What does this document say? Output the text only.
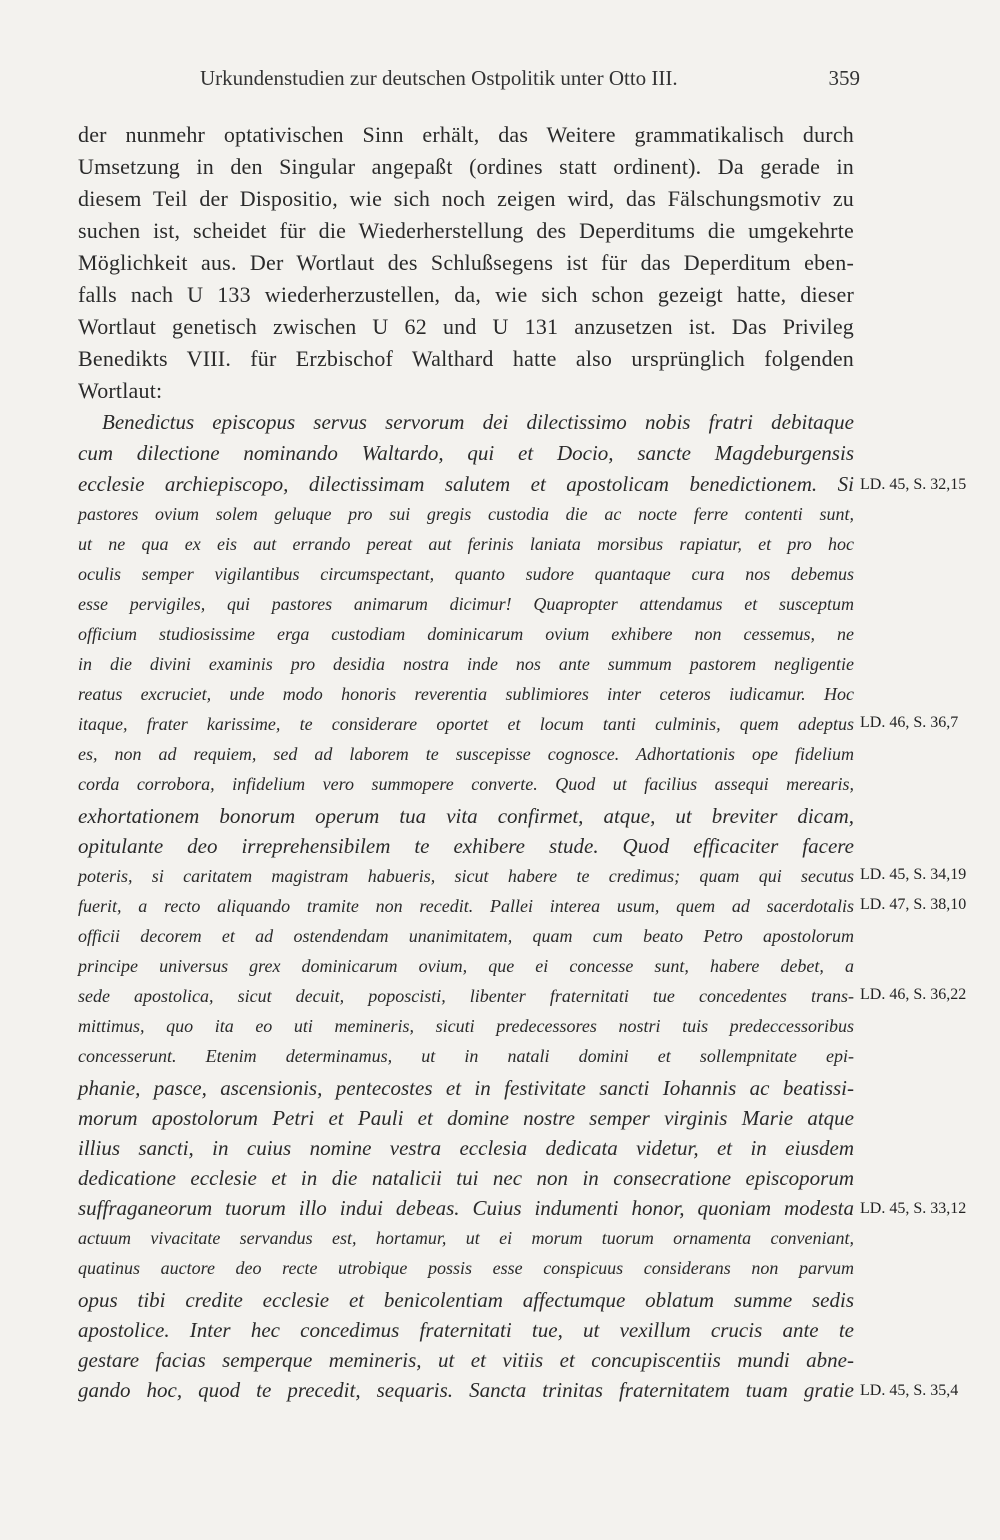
Urkundenstudien zur deutschen Ostpolitik unter Otto III.	359
der nunmehr optativischen Sinn erhält, das Weitere grammatikalisch durch
Umsetzung in den Singular angepaßt (ordines statt ordinent). Da gerade in
diesem Teil der Dispositio, wie sich noch zeigen wird, das Fälschungsmotiv zu
suchen ist, scheidet für die Wiederherstellung des Deperditums die umgekehrte
Möglichkeit aus. Der Wortlaut des Schlußsegens ist für das Deperditum eben-
falls nach U 133 wiederherzustellen, da, wie sich schon gezeigt hatte, dieser
Wortlaut genetisch zwischen U 62 und U 131 anzusetzen ist. Das Privileg
Benedikts VIII. für Erzbischof Walthard hatte also ursprünglich folgenden
Wortlaut:
Benedictus episcopus servus servorum dei dilectissimo nobis fratri debitaque
cum dilectione nominando Waltardo, qui et Docio, sancte Magdeburgensis
ecclesie archiepiscopo, dilectissimam salutem et apostolicam benedictionem. Si
pastores ovium solem geluque pro sui gregis custodia die ac nocte ferre contenti sunt,
ut ne qua ex eis aut errando pereat aut ferinis laniata morsibus rapiatur, et pro hoc
oculis semper vigilantibus circumspectant, quanto sudore quantaque cura nos debemus
esse pervigiles, qui pastores animarum dicimur! Quapropter attendamus et susceptum
officium studiosissime erga custodiam dominicarum ovium exhibere non cessemus, ne
in die divini examinis pro desidia nostra inde nos ante summum pastorem negligentie
reatus excruciet, unde modo honoris reverentia sublimiores inter ceteros iudicamur. Hoc
itaque, frater karissime, te considerare oportet et locum tanti culminis, quem adeptus
es, non ad requiem, sed ad laborem te suscepisse cognosce. Adhortationis ope fidelium
corda corrobora, infidelium vero summopere converte. Quod ut facilius assequi merearis,
exhortationem bonorum operum tua vita confirmet, atque, ut breviter dicam,
opitulante deo irreprehensibilem te exhibere stude. Quod efficaciter facere
poteris, si caritatem magistram habueris, sicut habere te credimus; quam qui secutus
fuerit, a recto aliquando tramite non recedit. Pallei interea usum, quem ad sacerdotalis
officii decorem et ad ostendendam unanimitatem, quam cum beato Petro apostolorum
principe universus grex dominicarum ovium, que ei concesse sunt, habere debet, a
sede apostolica, sicut decuit, poposcisti, libenter fraternitati tue concedentes trans-
mittimus, quo ita eo uti memineris, sicuti predecessores nostri tuis predeccessoribus
concesserunt. Etenim determinamus, ut in natali domini et sollempnitate epi-
phanie, pasce, ascensionis, pentecostes et in festivitate sancti Iohannis ac beatissi-
morum apostolorum Petri et Pauli et domine nostre semper virginis Marie atque
illius sancti, in cuius nomine vestra ecclesia dedicata videtur, et in eiusdem
dedicatione ecclesie et in die natalicii tui nec non in consecratione episcoporum
suffraganeorum tuorum illo indui debeas. Cuius indumenti honor, quoniam modesta
actuum vivacitate servandus est, hortamur, ut ei morum tuorum ornamenta conveniant,
quatinus auctore deo recte utrobique possis esse conspicuus considerans non parvum
opus tibi credite ecclesie et benicolentiam affectumque oblatum summe sedis
apostolice. Inter hec concedimus fraternitati tue, ut vexillum crucis ante te
gestare facias semperque memineris, ut et vitiis et concupiscentiis mundi abne-
gando hoc, quod te precedit, sequaris. Sancta trinitas fraternitatem tuam gratie
LD. 45, S. 32,15
LD. 46, S. 36,7
LD. 45, S. 34,19
LD. 47, S. 38,10
LD. 46, S. 36,22
LD. 45, S. 33,12
LD. 45, S. 35,4
